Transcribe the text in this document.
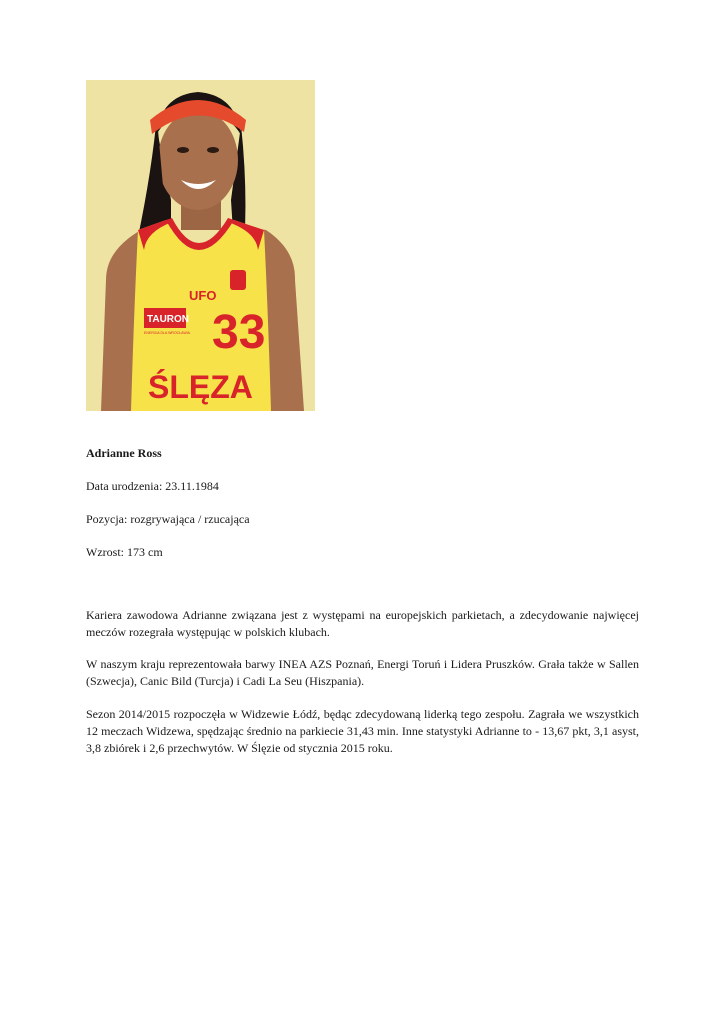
UFO
TAURON
ENERGIA DLA WROCŁAWIA 33
ŚLĘZA

Adrianne Ross

Data urodzenia: 23.11.1984

Pozycja: rozgrywająca / rzucająca

Wzrost: 173 cm

Kariera zawodowa Adrianne związana jest z występami na europejskich parkietach, a zdecydowanie najwięcej meczów rozegrała występując w polskich klubach.

W naszym kraju reprezentowała barwy INEA AZS Poznań, Energi Toruń i Lidera Pruszków. Grała także w Sallen (Szwecja), Canic Bild (Turcja) i Cadi La Seu (Hiszpania).

Sezon 2014/2015 rozpoczęła w Widzewie Łódź, będąc zdecydowaną liderką tego zespołu. Zagrała we wszystkich 12 meczach Widzewa, spędzając średnio na parkiecie 31,43 min. Inne statystyki Adrianne to - 13,67 pkt, 3,1 asyst, 3,8 zbiórek i 2,6 przechwytów. W Ślęzie od stycznia 2015 roku.
